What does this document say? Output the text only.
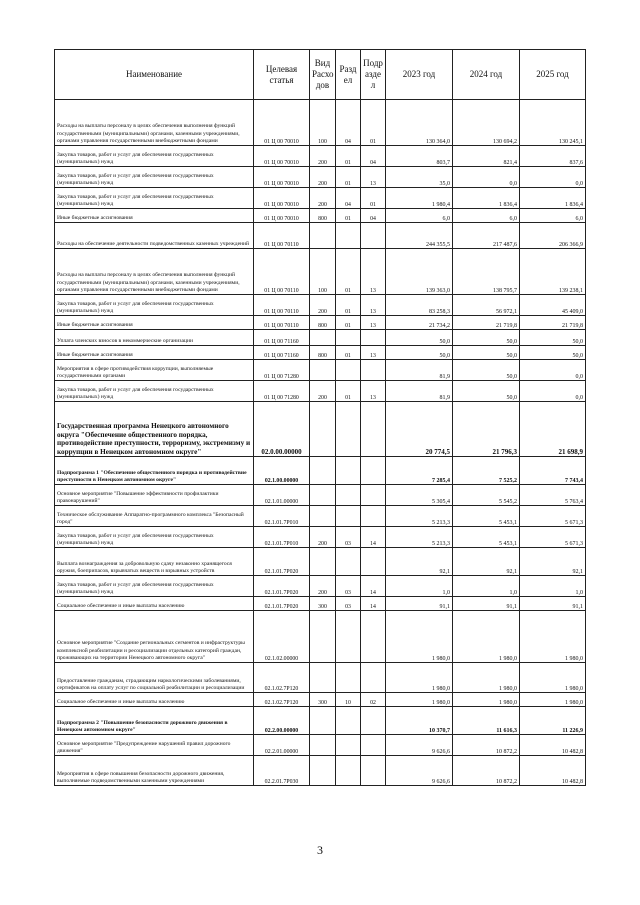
Наименование	Целевая статья	Вид Расхо дов	Разд ел	Подр азде л	2023 год	2024 год	2025 год
Расходы на выплаты персоналу в целях обеспечения выполнения функций государственными (муниципальными) органами, казенными учреждениями, органами управления государственными внебюджетными фондами	01 Ц 00 70010	100	04	01	130 364,0	130 694,2	130 245,1
Закупка товаров, работ и услуг для обеспечения государственных (муниципальных) нужд	01 Ц 00 70010	200	01	04	803,7	821,4	837,6
Закупка товаров, работ и услуг для обеспечения государственных (муниципальных) нужд	01 Ц 00 70010	200	01	13	35,0	0,0	0,0
Закупка товаров, работ и услуг для обеспечения государственных (муниципальных) нужд	01 Ц 00 70010	200	04	01	1 980,4	1 836,4	1 836,4
Иные бюджетные ассигнования	01 Ц 00 70010	800	01	04	6,0	6,0	6,0
Расходы на обеспечение деятельности подведомственных казенных учреждений	01 Ц 00 70110				244 355,5	217 487,6	206 366,9
Расходы на выплаты персоналу в целях обеспечения выполнения функций государственными (муниципальными) органами, казенными учреждениями, органами управления государственными внебюджетными фондами	01 Ц 00 70110	100	01	13	139 363,0	138 795,7	139 238,1
Закупка товаров, работ и услуг для обеспечения государственных (муниципальных) нужд	01 Ц 00 70110	200	01	13	83 258,3	56 972,1	45 409,0
Иные бюджетные ассигнования	01 Ц 00 70110	800	01	13	21 734,2	21 719,8	21 719,8
Уплата членских взносов в некоммерческие организации	01 Ц 00 71160				50,0	50,0	50,0
Иные бюджетные ассигнования	01 Ц 00 71160	800	01	13	50,0	50,0	50,0
Мероприятия в сфере противодействия коррупции, выполняемые государственными органами	01 Ц 00 71280				81,9	50,0	0,0
Закупка товаров, работ и услуг для обеспечения государственных (муниципальных) нужд	01 Ц 00 71280	200	01	13	81,9	50,0	0,0
Государственная программа Ненецкого автономного округа "Обеспечение общественного порядка, противодействие преступности, терроризму, экстремизму и коррупции в Ненецком автономном округе"	02.0.00.00000				20 774,5	21 796,3	21 698,9
Подпрограмма 1 "Обеспечение общественного порядка и противодействие преступности в Ненецком автономном округе"	02.1.00.00000				7 285,4	7 525,2	7 743,4
Основное мероприятие "Повышение эффективности профилактики правонарушений"	02.1.01.00000				5 305,4	5 545,2	5 763,4
Техническое обслуживание Аппаратно-программного комплекса "Безопасный город"	02.1.01.7Р010				5 213,3	5 453,1	5 671,3
Закупка товаров, работ и услуг для обеспечения государственных (муниципальных) нужд	02.1.01.7Р010	200	03	14	5 213,3	5 453,1	5 671,3
Выплата вознаграждения за добровольную сдачу незаконно хранящегося оружия, боеприпасов, взрывчатых веществ и взрывных устройств	02.1.01.7Р020				92,1	92,1	92,1
Закупка товаров, работ и услуг для обеспечения государственных (муниципальных) нужд	02.1.01.7Р020	200	03	14	1,0	1,0	1,0
Социальное обеспечение и иные выплаты населению	02.1.01.7Р020	300	03	14	91,1	91,1	91,1
Основное мероприятие "Создание региональных сегментов и инфраструктуры комплексной реабилитации и ресоциализации отдельных категорий граждан, проживающих на территории Ненецкого автономного округа"	02.1.02.00000				1 980,0	1 980,0	1 980,0
Предоставление гражданам, страдающим наркологическими заболеваниями, сертификатов на оплату услуг по социальной реабилитации и ресоциализации	02.1.02.7Р120				1 980,0	1 980,0	1 980,0
Социальное обеспечение и иные выплаты населению	02.1.02.7Р120	300	10	02	1 980,0	1 980,0	1 980,0
Подпрограмма 2 "Повышение безопасности дорожного движения в Ненецком автономном округе"	02.2.00.00000				10 370,7	11 616,3	11 226,9
Основное мероприятие "Предупреждение нарушений правил дорожного движения"	02.2.01.00000				9 626,6	10 872,2	10 482,8
Мероприятия в сфере повышения безопасности дорожного движения, выполняемые подведомственными казенными учреждениями	02.2.01.7Р030				9 626,6	10 872,2	10 482,8
3
